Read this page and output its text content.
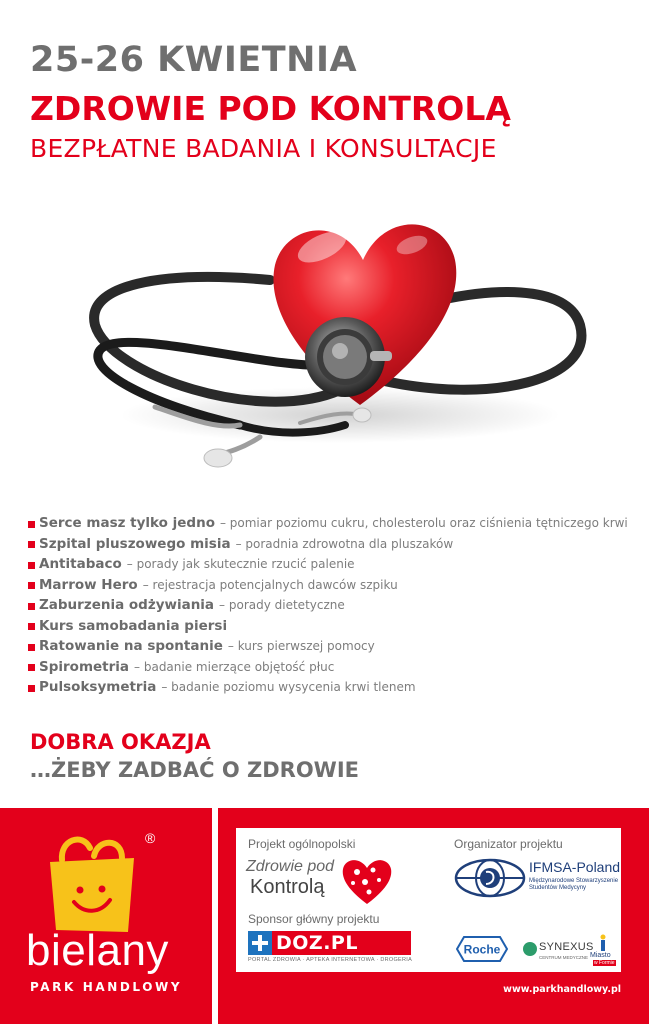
25-26 KWIETNIA
ZDROWIE POD KONTROLĄ
BEZPŁATNE BADANIA I KONSULTACJE
Serce masz tylko jedno – pomiar poziomu cukru, cholesterolu oraz ciśnienia tętniczego krwi
Szpital pluszowego misia – poradnia zdrowotna dla pluszaków
Antitabaco – porady jak skutecznie rzucić palenie
Marrow Hero – rejestracja potencjalnych dawców szpiku
Zaburzenia odżywiania – porady dietetyczne
Kurs samobadania piersi
Ratowanie na spontanie – kurs pierwszej pomocy
Spirometria – badanie mierzące objętość płuc
Pulsoksymetria – badanie poziomu wysycenia krwi tlenem
DOBRA OKAZJA
…ŻEBY ZADBAĆ O ZDROWIE
®
bielany
PARK HANDLOWY
Projekt ogólnopolski	Organizator projektu
Sponsor główny projektu
Zdrowie pod
Kontrolą
IFMSA-Poland
Międzynarodowe Stowarzyszenie Studentów Medycyny
DOZ.PL
PORTAL ZDROWIA · APTEKA INTERNETOWA · DROGERIA
Roche	SYNEXUS
CENTRUM MEDYCZNE Miasto
w Formie
www.parkhandlowy.pl
